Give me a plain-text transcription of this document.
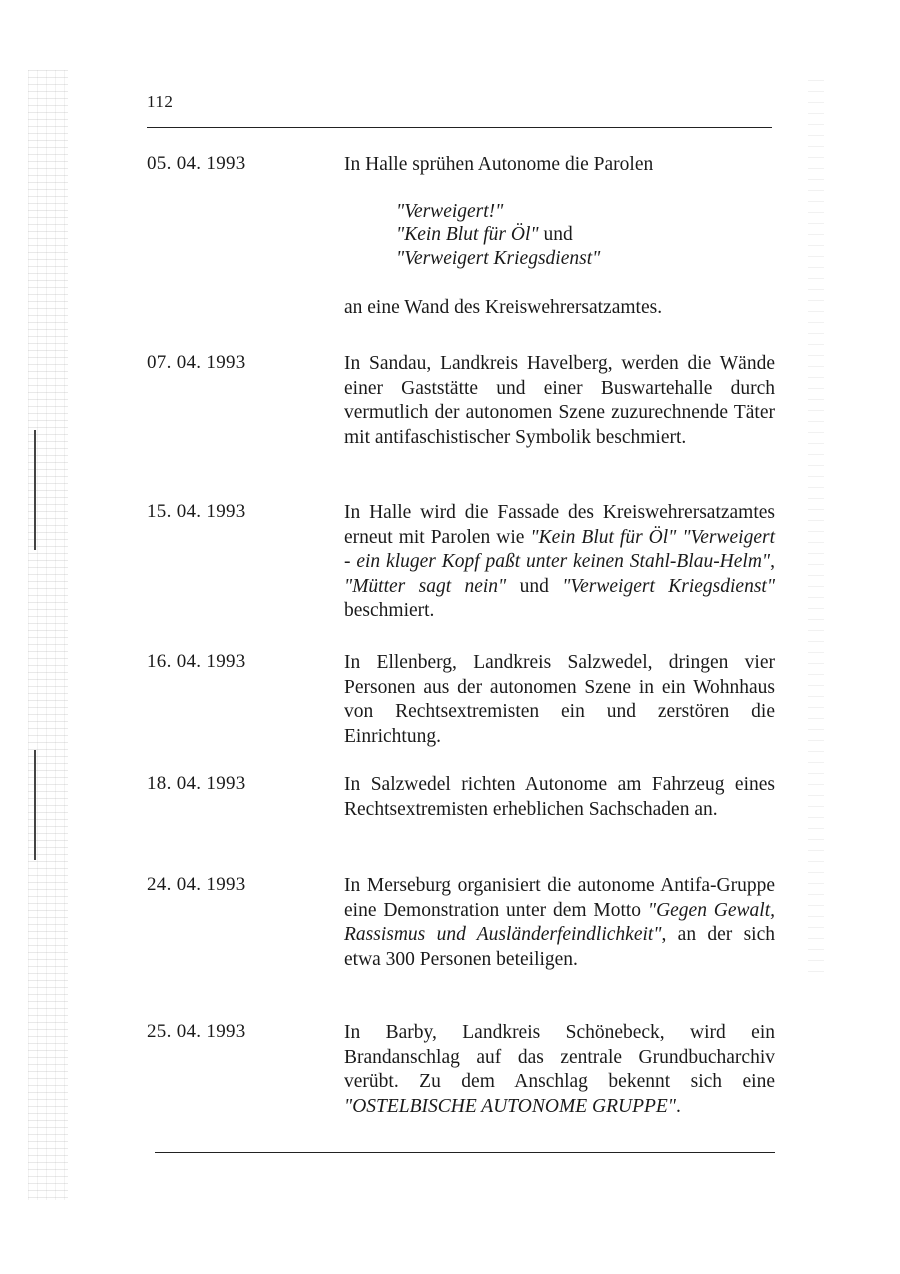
112
05. 04. 1993	In Halle sprühen Autonome die Parolen

"Verweigert!"
"Kein Blut für Öl" und
"Verweigert Kriegsdienst"

an eine Wand des Kreiswehrersatzamtes.

07. 04. 1993	In Sandau, Landkreis Havelberg, werden die Wände einer Gaststätte und einer Buswartehalle durch vermutlich der autonomen Szene zuzurechnende Täter mit antifaschistischer Symbolik beschmiert.
15. 04. 1993	In Halle wird die Fassade des Kreiswehrersatzamtes erneut mit Parolen wie "Kein Blut für Öl" "Verweigert - ein kluger Kopf paßt unter keinen Stahl-Blau-Helm", "Mütter sagt nein" und "Verweigert Kriegsdienst" beschmiert.
16. 04. 1993	In Ellenberg, Landkreis Salzwedel, dringen vier Personen aus der autonomen Szene in ein Wohnhaus von Rechtsextremisten ein und zerstören die Einrichtung.
18. 04. 1993	In Salzwedel richten Autonome am Fahrzeug eines Rechtsextremisten erheblichen Sachschaden an.
24. 04. 1993	In Merseburg organisiert die autonome Antifa-Gruppe eine Demonstration unter dem Motto "Gegen Gewalt, Rassismus und Ausländerfeindlichkeit", an der sich etwa 300 Personen beteiligen.
25. 04. 1993	In Barby, Landkreis Schönebeck, wird ein Brandanschlag auf das zentrale Grundbucharchiv verübt. Zu dem Anschlag bekennt sich eine "OSTELBISCHE AUTONOME GRUPPE".
